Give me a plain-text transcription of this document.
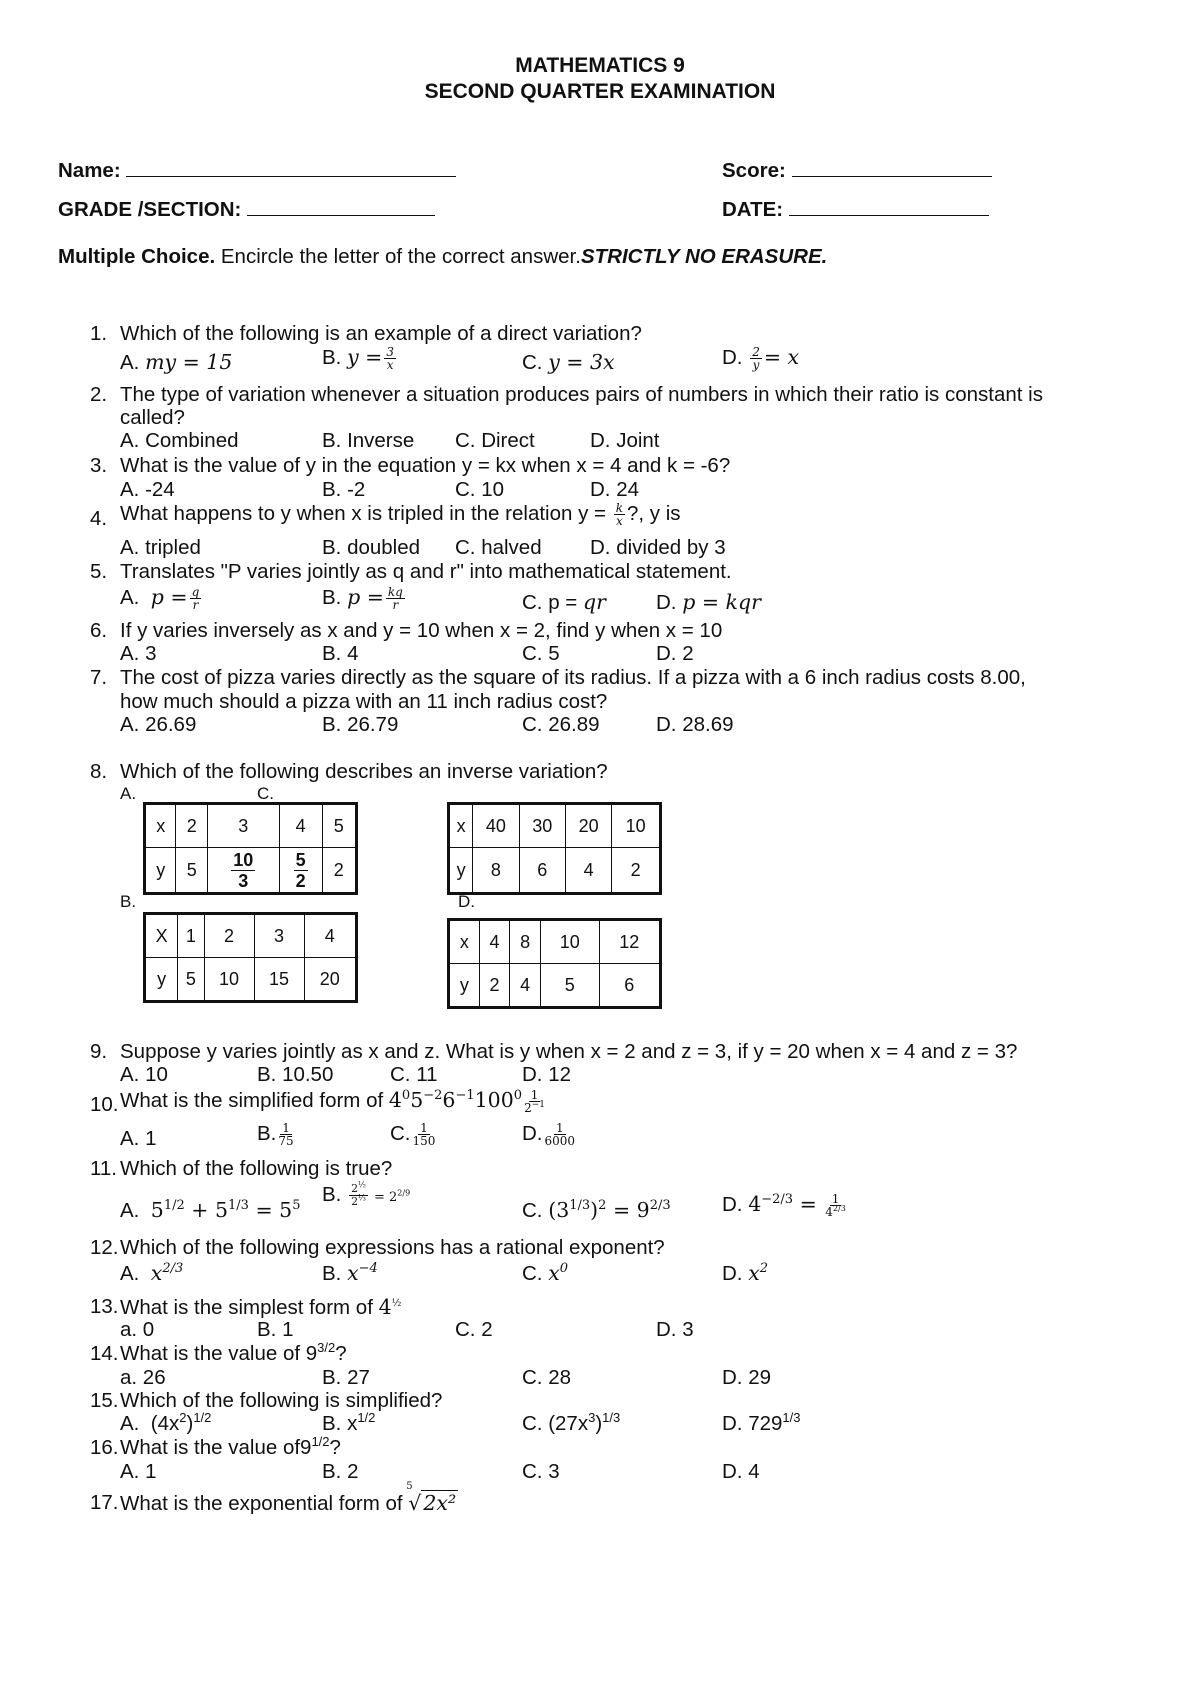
MATHEMATICS 9
SECOND QUARTER EXAMINATION
Name:	Score:
GRADE /SECTION:	DATE:
Multiple Choice. Encircle the letter of the correct answer.STRICTLY NO ERASURE.
1. Which of the following is an example of a direct variation?
A. my = 15	B. $y = \frac{3}{x}$	C. y = 3x	D. $\frac{2}{y} = x$
2. The type of variation whenever a situation produces pairs of numbers in which their ratio is constant is
called?
A. Combined	B. Inverse C. Direct	D. Joint
3. What is the value of y in the equation y = kx when x = 4 and k = -6?
A. -24	B. -2	C. 10	D. 24
4. What happens to y when x is tripled in the relation $y = \frac{k}{x}$ ?, y is
A. tripled	B. doubled C. halved D. divided by 3
5. Translates "P varies jointly as q and r" into mathematical statement.
A. $p = \frac{q}{r}$	B. $p = \frac{kq}{r}$	C. p = qr D. p = kqr
6. If y varies inversely as x and y = 10 when x = 2, find y when x = 10
A. 3	B. 4	C. 5	D. 2
7. The cost of pizza varies directly as the square of its radius. If a pizza with a 6 inch radius costs 8.00,
how much should a pizza with an 11 inch radius cost?
A. 26.69	B. 26.79	C. 26.89	D. 28.69
8. Which of the following describes an inverse variation?
A.	C.
B.	D.
x	2	3	4	5
y	5	$\frac{10}{3}$	$\frac{5}{2}$	2
x	40	30	20	10
y	8	6	4	2
X	1	2	3	4
y	5	10	15	20
x	4	8	10	12
y	2	4	5	6
9. Suppose y varies jointly as x and z. What is y when x = 2 and z = 3, if y = 20 when x = 4 and z = 3?
A. 10	B. 10.50	C. 11	D. 12
10. What is the simplified form of $4^05^{-2}6^{-1}100^0 \frac{1}{2^{-1}}$
A. 1	B. $\frac{1}{75}$	C. $\frac{1}{150}$	D. $\frac{1}{6000}$
11. Which of the following is true?
A. $5^{1/2} + 5^{1/3} = 5^5$ B. $\frac{2^{\frac{1}{2}}}{2^{\frac{1}{3}}} = 2^{2/9}$
C. $(3^{1/3})^2 = 9^{2/3}$	D. $4^{-2/3} = \frac{1}{4^{2/3}}$
12. Which of the following expressions has a rational exponent?
A. $x^{2/3}$	B. $x^{-4}$	C. $x^0$	D. $x^2$
13. What is the simplest form of $4^{\frac{1}{2}}$
a. 0	B. 1	C. 2	D. 3
14. What is the value of $9^{3/2}$?
a. 26	B. 27	C. 28	D. 29
15. Which of the following is simplified?
A.  $(4x^2)^{1/2}$	B. $x^{1/2}$	C. $(27x^3)^{1/3}$	D. $729^{1/3}$
16. What is the value $of9^{1/2}$?
A. 1	B. 2	C. 3	D. 4
17. What is the exponential form of
5
√2x²
